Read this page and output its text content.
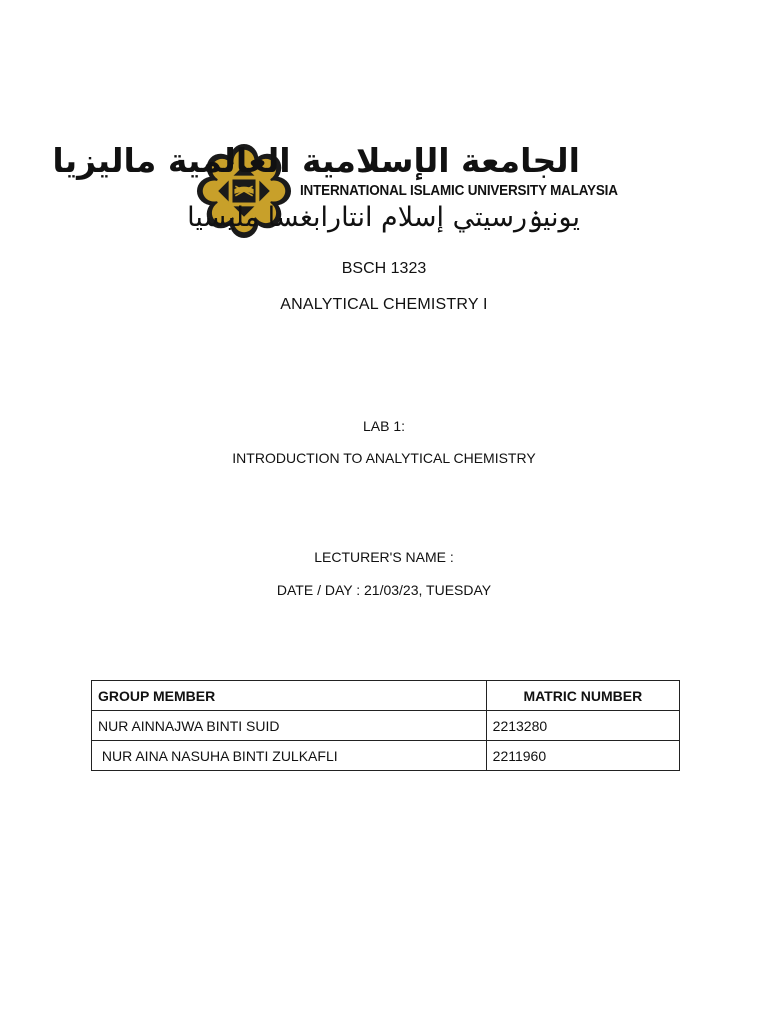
الجامعة الإسلامية العالمية ماليزيا
INTERNATIONAL ISLAMIC UNIVERSITY MALAYSIA
يونيۏرسيتي إسلام انتارابغسا مليسيا
BSCH 1323
ANALYTICAL CHEMISTRY I
LAB 1:
INTRODUCTION TO ANALYTICAL CHEMISTRY
LECTURER'S NAME :
DATE / DAY : 21/03/23, TUESDAY
GROUP MEMBER	MATRIC NUMBER
NUR AINNAJWA BINTI SUID	2213280
NUR AINA NASUHA BINTI ZULKAFLI	2211960
